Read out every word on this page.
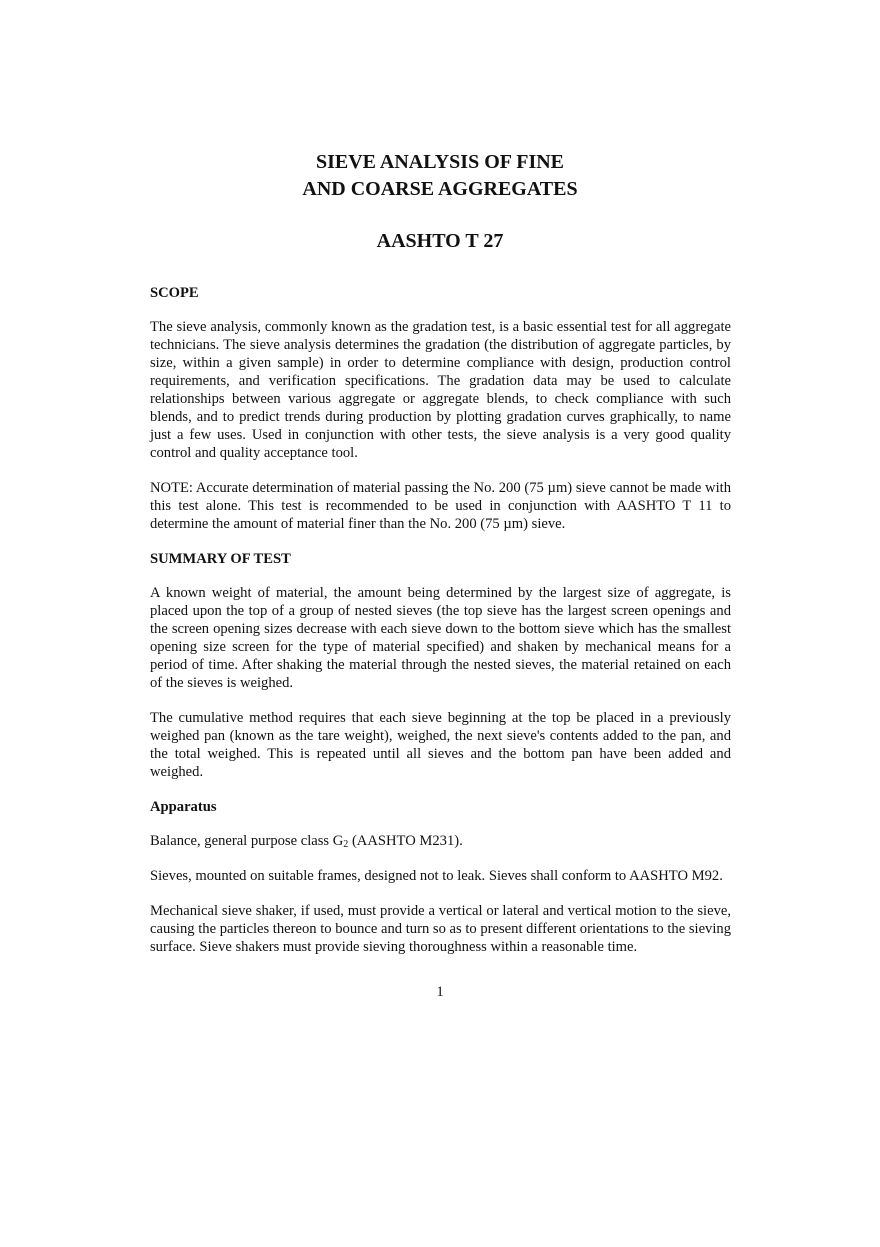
SIEVE ANALYSIS OF FINE
AND COARSE AGGREGATES
AASHTO T 27
SCOPE

The sieve analysis, commonly known as the gradation test, is a basic essential test for all aggregate technicians. The sieve analysis determines the gradation (the distribution of aggregate particles, by size, within a given sample) in order to determine compliance with design, production control requirements, and verification specifications. The gradation data may be used to calculate relationships between various aggregate or aggregate blends, to check compliance with such blends, and to predict trends during production by plotting gradation curves graphically, to name just a few uses. Used in conjunction with other tests, the sieve analysis is a very good quality control and quality acceptance tool.

NOTE: Accurate determination of material passing the No. 200 (75 µm) sieve cannot be made with this test alone. This test is recommended to be used in conjunction with AASHTO T 11 to determine the amount of material finer than the No. 200 (75 µm) sieve.

SUMMARY OF TEST

A known weight of material, the amount being determined by the largest size of aggregate, is placed upon the top of a group of nested sieves (the top sieve has the largest screen openings and the screen opening sizes decrease with each sieve down to the bottom sieve which has the smallest opening size screen for the type of material specified) and shaken by mechanical means for a period of time. After shaking the material through the nested sieves, the material retained on each of the sieves is weighed.

The cumulative method requires that each sieve beginning at the top be placed in a previously weighed pan (known as the tare weight), weighed, the next sieve's contents added to the pan, and the total weighed. This is repeated until all sieves and the bottom pan have been added and weighed.

Apparatus

Balance, general purpose class $G_2$ (AASHTO M231).

Sieves, mounted on suitable frames, designed not to leak. Sieves shall conform to AASHTO M92.

Mechanical sieve shaker, if used, must provide a vertical or lateral and vertical motion to the sieve, causing the particles thereon to bounce and turn so as to present different orientations to the sieving surface. Sieve shakers must provide sieving thoroughness within a reasonable time.

1
